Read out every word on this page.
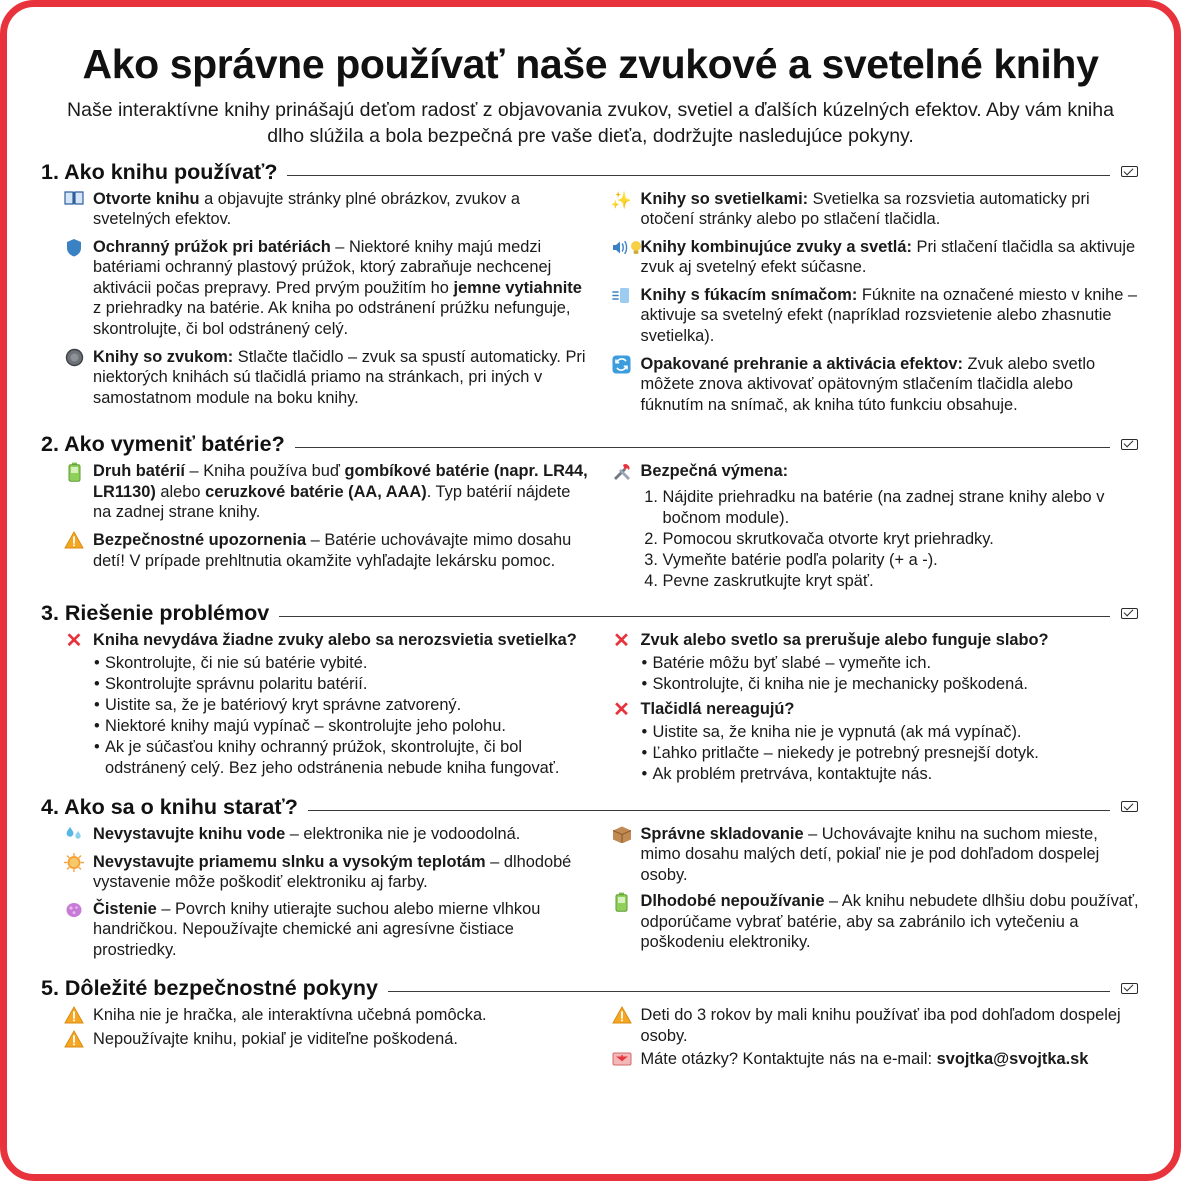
Ako správne používať naše zvukové a svetelné knihy

Naše interaktívne knihy prinášajú deťom radosť z objavovania zvukov, svetiel a ďalších kúzelných efektov. Aby vám kniha dlho slúžila a bola bezpečná pre vaše dieťa, dodržujte nasledujúce pokyny.

1. Ako knihu používať?
Otvorte knihu a objavujte stránky plné obrázkov, zvukov a svetelných efektov.
Ochranný prúžok pri batériách – Niektoré knihy majú medzi batériami ochranný plastový prúžok, ktorý zabraňuje nechcenej aktivácii počas prepravy. Pred prvým použitím ho jemne vytiahnite z priehradky na batérie. Ak kniha po odstránení prúžku nefunguje, skontrolujte, či bol odstránený celý.
Knihy so zvukom: Stlačte tlačidlo – zvuk sa spustí automaticky. Pri niektorých knihách sú tlačidlá priamo na stránkach, pri iných v samostatnom module na boku knihy.
✨ Knihy so svetielkami: Svetielka sa rozsvietia automaticky pri otočení stránky alebo po stlačení tlačidla.
Knihy kombinujúce zvuky a svetlá: Pri stlačení tlačidla sa aktivuje zvuk aj svetelný efekt súčasne.
Knihy s fúkacím snímačom: Fúknite na označené miesto v knihe – aktivuje sa svetelný efekt (napríklad rozsvietenie alebo zhasnutie svetielka).
Opakované prehranie a aktivácia efektov: Zvuk alebo svetlo môžete znova aktivovať opätovným stlačením tlačidla alebo fúknutím na snímač, ak kniha túto funkciu obsahuje.
2. Ako vymeniť batérie?
Druh batérií – Kniha používa buď gombíkové batérie (napr. LR44, LR1130) alebo ceruzkové batérie (AA, AAA). Typ batérií nájdete na zadnej strane knihy.
Bezpečnostné upozornenia – Batérie uchovávajte mimo dosahu detí! V prípade prehltnutia okamžite vyhľadajte lekársku pomoc.
Bezpečná výmena:
1. Nájdite priehradku na batérie (na zadnej strane knihy alebo v bočnom module).
2. Pomocou skrutkovača otvorte kryt priehradky.
3. Vymeňte batérie podľa polarity (+ a -).
4. Pevne zaskrutkujte kryt späť.
3. Riešenie problémov
✕ Kniha nevydáva žiadne zvuky alebo sa nerozsvietia svetielka?
• Skontrolujte, či nie sú batérie vybité.
• Skontrolujte správnu polaritu batérií.
• Uistite sa, že je batériový kryt správne zatvorený.
• Niektoré knihy majú vypínač – skontrolujte jeho polohu.
• Ak je súčasťou knihy ochranný prúžok, skontrolujte, či bol odstránený celý. Bez jeho odstránenia nebude kniha fungovať.
✕ Zvuk alebo svetlo sa prerušuje alebo funguje slabo?
• Batérie môžu byť slabé – vymeňte ich.
• Skontrolujte, či kniha nie je mechanicky poškodená.
✕ Tlačidlá nereagujú?
• Uistite sa, že kniha nie je vypnutá (ak má vypínač).
• Ľahko pritlačte – niekedy je potrebný presnejší dotyk.
• Ak problém pretrváva, kontaktujte nás.
4. Ako sa o knihu starať?
Nevystavujte knihu vode – elektronika nie je vodoodolná.
Nevystavujte priamemu slnku a vysokým teplotám – dlhodobé vystavenie môže poškodiť elektroniku aj farby.
Čistenie – Povrch knihy utierajte suchou alebo mierne vlhkou handričkou. Nepoužívajte chemické ani agresívne čistiace prostriedky.
Správne skladovanie – Uchovávajte knihu na suchom mieste, mimo dosahu malých detí, pokiaľ nie je pod dohľadom dospelej osoby.
Dlhodobé nepoužívanie – Ak knihu nebudete dlhšiu dobu používať, odporúčame vybrať batérie, aby sa zabránilo ich vytečeniu a poškodeniu elektroniky.
5. Dôležité bezpečnostné pokyny
Kniha nie je hračka, ale interaktívna učebná pomôcka.
Nepoužívajte knihu, pokiaľ je viditeľne poškodená.
Deti do 3 rokov by mali knihu používať iba pod dohľadom dospelej osoby.
Máte otázky? Kontaktujte nás na e-mail: svojtka@svojtka.sk
